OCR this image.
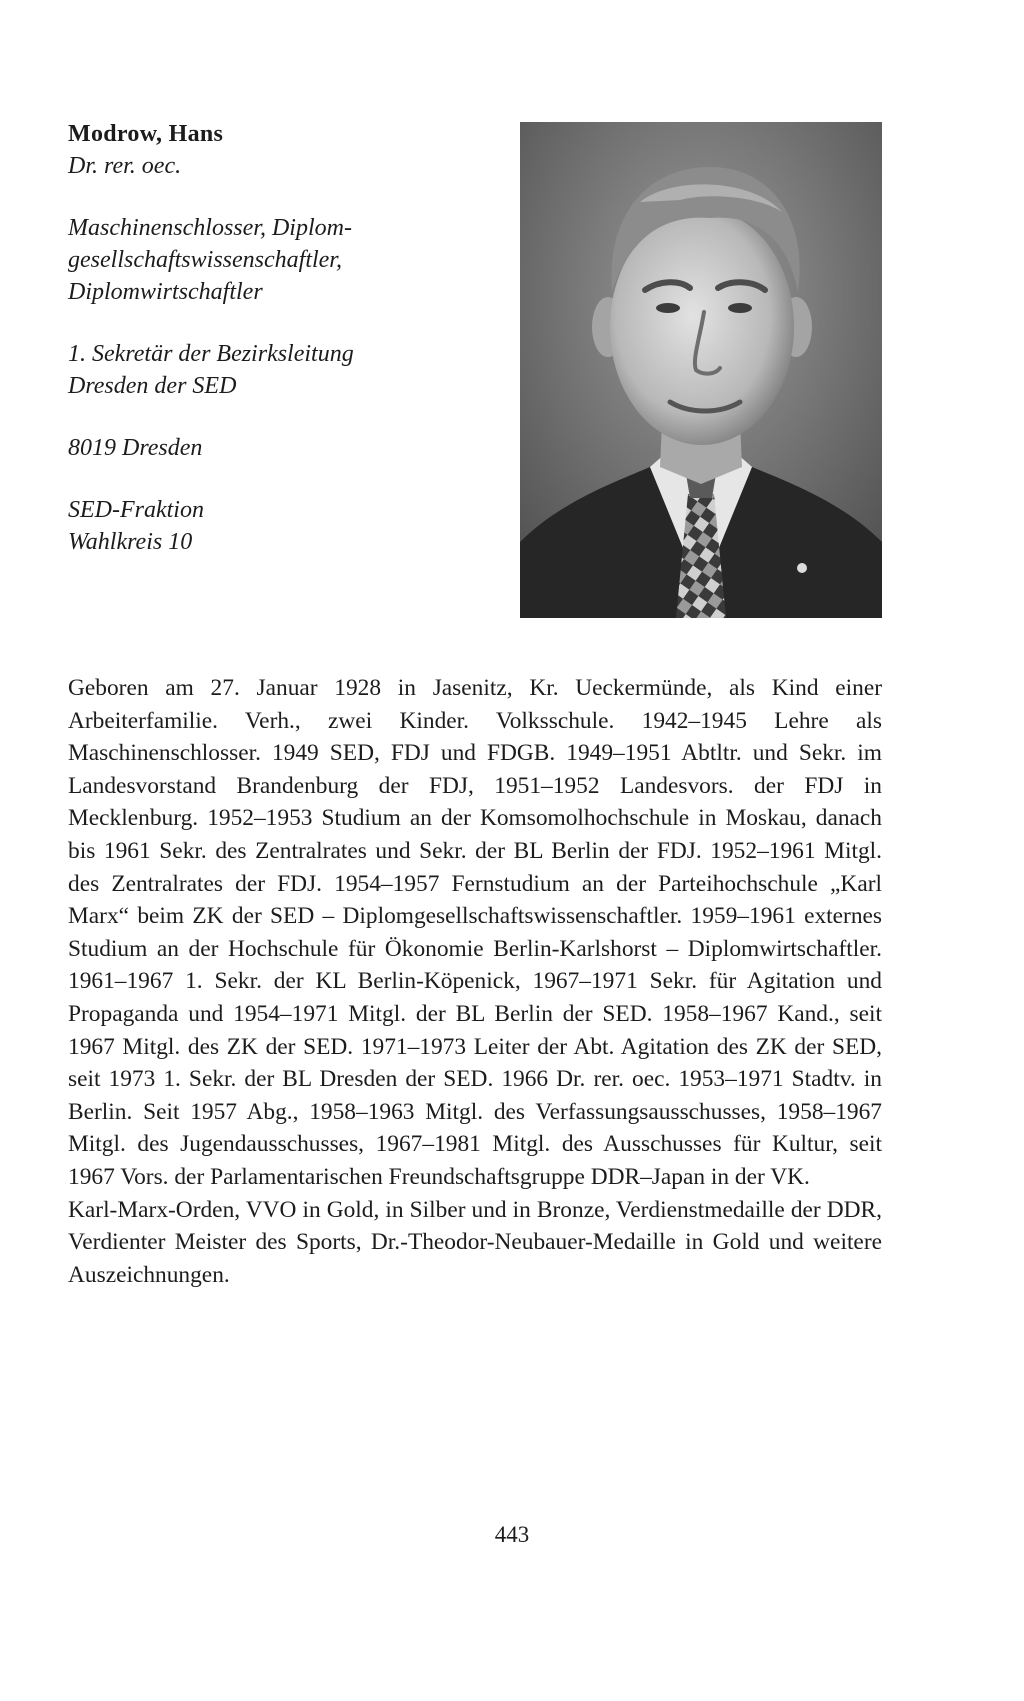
Modrow, Hans
Dr. rer. oec.
Maschinenschlosser, Diplom-
gesellschaftswissenschaftler,
Diplomwirtschaftler
1. Sekretär der Bezirksleitung
Dresden der SED
8019 Dresden
SED-Fraktion
Wahlkreis 10

Geboren am 27. Januar 1928 in Jasenitz, Kr. Ueckermünde, als Kind einer Arbeiterfamilie. Verh., zwei Kinder. Volksschule. 1942–1945 Lehre als Maschinenschlosser. 1949 SED, FDJ und FDGB. 1949–1951 Abtltr. und Sekr. im Landesvorstand Brandenburg der FDJ, 1951–1952 Landesvors. der FDJ in Mecklenburg. 1952–1953 Studium an der Komsomolhochschule in Moskau, danach bis 1961 Sekr. des Zentralrates und Sekr. der BL Berlin der FDJ. 1952–1961 Mitgl. des Zentralrates der FDJ. 1954–1957 Fernstudium an der Parteihochschule „Karl Marx“ beim ZK der SED – Diplomgesellschaftswissenschaftler. 1959–1961 externes Studium an der Hochschule für Ökonomie Berlin-Karlshorst – Diplomwirtschaftler. 1961–1967 1. Sekr. der KL Berlin-Köpenick, 1967–1971 Sekr. für Agitation und Propaganda und 1954–1971 Mitgl. der BL Berlin der SED. 1958–1967 Kand., seit 1967 Mitgl. des ZK der SED. 1971–1973 Leiter der Abt. Agitation des ZK der SED, seit 1973 1. Sekr. der BL Dresden der SED. 1966 Dr. rer. oec. 1953–1971 Stadtv. in Berlin. Seit 1957 Abg., 1958–1963 Mitgl. des Verfassungsausschusses, 1958–1967 Mitgl. des Jugendausschusses, 1967–1981 Mitgl. des Ausschusses für Kultur, seit 1967 Vors. der Parlamentarischen Freundschaftsgruppe DDR–Japan in der VK.

Karl-Marx-Orden, VVO in Gold, in Silber und in Bronze, Verdienstmedaille der DDR, Verdienter Meister des Sports, Dr.-Theodor-Neubauer-Medaille in Gold und weitere Auszeichnungen.

443
